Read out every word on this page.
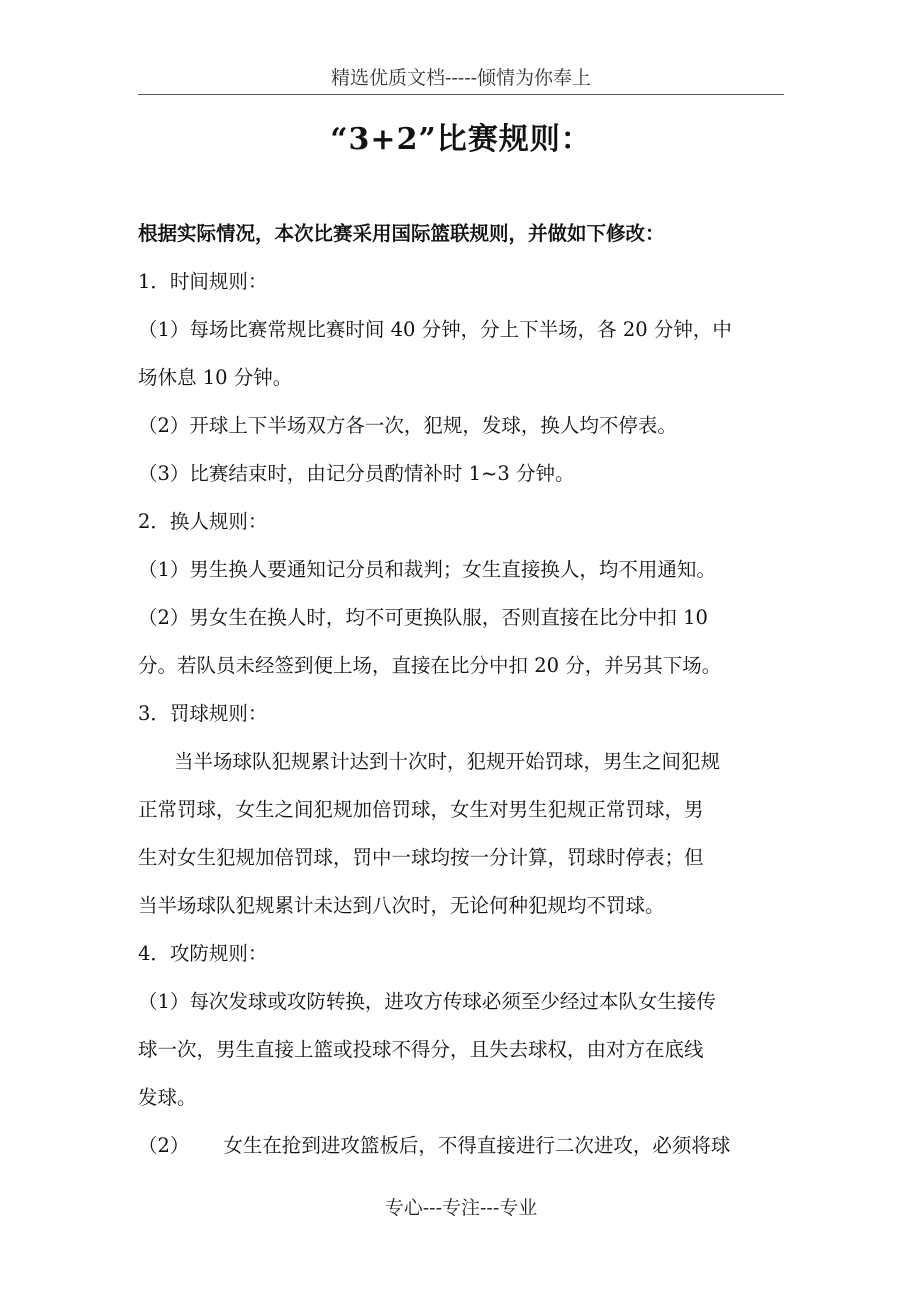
精选优质文档-----倾情为你奉上
“3+2”比赛规则：
根据实际情况，本次比赛采用国际篮联规则，并做如下修改：
1．时间规则：
（1）每场比赛常规比赛时间 40 分钟，分上下半场，各 20 分钟，中
场休息 10 分钟。
（2）开球上下半场双方各一次，犯规，发球，换人均不停表。
（3）比赛结束时，由记分员酌情补时 1~3 分钟。
2．换人规则：
（1）男生换人要通知记分员和裁判；女生直接换人，均不用通知。
（2）男女生在换人时，均不可更换队服，否则直接在比分中扣 10
分。若队员未经签到便上场，直接在比分中扣 20 分，并另其下场。
3．罚球规则：
当半场球队犯规累计达到十次时，犯规开始罚球，男生之间犯规
正常罚球，女生之间犯规加倍罚球，女生对男生犯规正常罚球，男
生对女生犯规加倍罚球，罚中一球均按一分计算，罚球时停表；但
当半场球队犯规累计未达到八次时，无论何种犯规均不罚球。
4．攻防规则：
（1）每次发球或攻防转换，进攻方传球必须至少经过本队女生接传
球一次，男生直接上篮或投球不得分，且失去球权，由对方在底线
发球。
（2） 女生在抢到进攻篮板后，不得直接进行二次进攻，必须将球
专心---专注---专业
